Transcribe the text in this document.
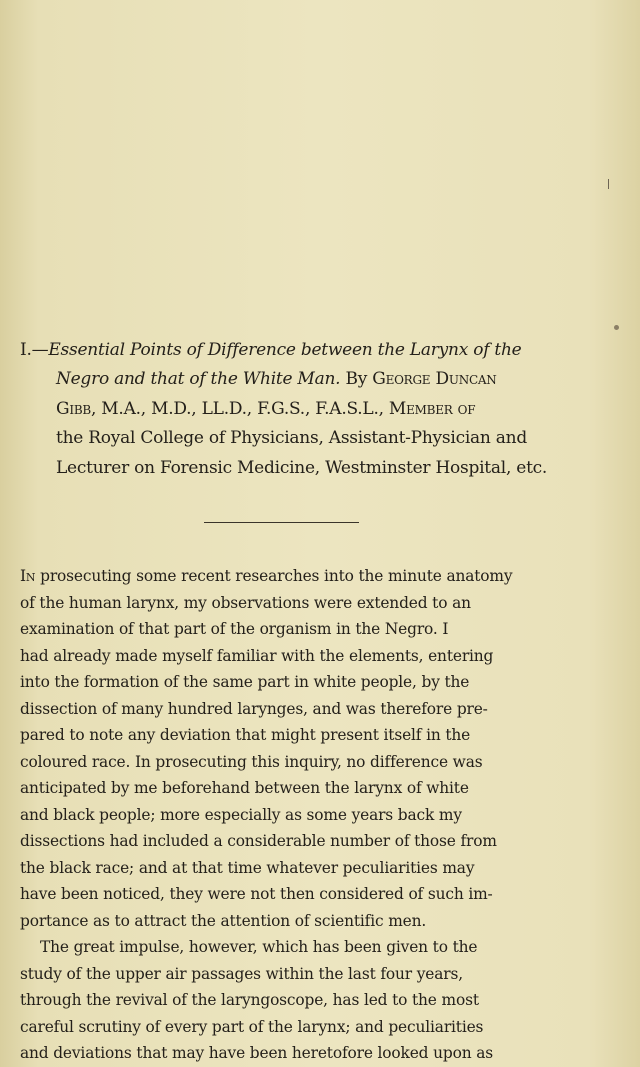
I.—Essential Points of Difference between the Larynx of the
Negro and that of the White Man. By George Duncan
Gibb, M.A., M.D., LL.D., F.G.S., F.A.S.L., Member of
the Royal College of Physicians, Assistant-Physician and
Lecturer on Forensic Medicine, Westminster Hospital, etc.
In prosecuting some recent researches into the minute anatomy
of the human larynx, my observations were extended to an
examination of that part of the organism in the Negro. I
had already made myself familiar with the elements, entering
into the formation of the same part in white people, by the
dissection of many hundred larynges, and was therefore pre-
pared to note any deviation that might present itself in the
coloured race. In prosecuting this inquiry, no difference was
anticipated by me beforehand between the larynx of white
and black people; more especially as some years back my
dissections had included a considerable number of those from
the black race; and at that time whatever peculiarities may
have been noticed, they were not then considered of such im-
portance as to attract the attention of scientific men.
The great impulse, however, which has been given to the
study of the upper air passages within the last four years,
through the revival of the laryngoscope, has led to the most
careful scrutiny of every part of the larynx; and peculiarities
and deviations that may have been heretofore looked upon as
